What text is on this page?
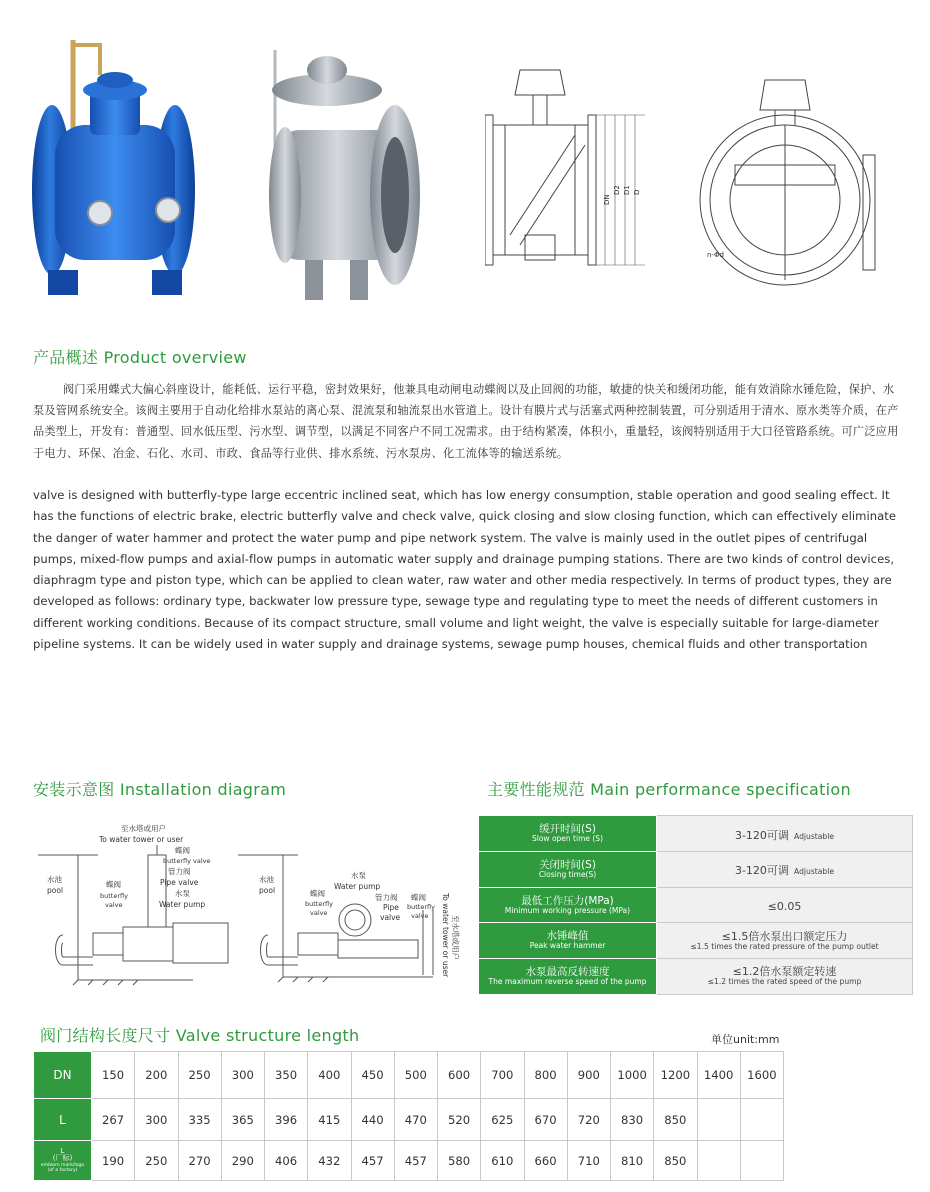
DN
D2 D1 D
n-Φd
产品概述 Product overview

阀门采用蝶式大偏心斜座设计，能耗低、运行平稳，密封效果好，他兼具电动闸电动蝶阀以及止回阀的功能，敏捷的快关和缓闭功能，能有效消除水锤危险，保护、水泵及管网系统安全。该阀主要用于自动化给排水泵站的离心泵、混流泵和轴流泵出水管道上。设计有膜片式与活塞式两种控制装置，可分别适用于清水、原水类等介质，在产品类型上，开发有：普通型、回水低压型、污水型、调节型，以满足不同客户不同工况需求。由于结构紧凑，体积小，重量轻，该阀特别适用于大口径管路系统。可广泛应用于电力、环保、冶金、石化、水司、市政、食品等行业供、排水系统、污水泵房、化工流体等的输送系统。

valve is designed with butterfly-type large eccentric inclined seat, which has low energy consumption, stable operation and good sealing effect. It has the functions of electric brake, electric butterfly valve and check valve, quick closing and slow closing function, which can effectively eliminate the danger of water hammer and protect the water pump and pipe network system. The valve is mainly used in the outlet pipes of centrifugal pumps, mixed-flow pumps and axial-flow pumps in automatic water supply and drainage pumping stations. There are two kinds of control devices, diaphragm type and piston type, which can be applied to clean water, raw water and other media respectively. In terms of product types, they are developed as follows: ordinary type, backwater low pressure type, sewage type and regulating type to meet the needs of different customers in different working conditions. Because of its compact structure, small volume and light weight, the valve is especially suitable for large-diameter pipeline systems. It can be widely used in water supply and drainage systems, sewage pump houses, chemical fluids and other transportation

安装示意图 Installation diagram
至水塔或用户
To water tower or user
蝶阀
butterfly valve
管力阀
Pipe valve
水泵
Water pump
水池
pool
蝶阀
butterfly
valve
水池
pool
水泵
Water pump
蝶阀
butterfly
valve
管力阀
Pipe
valve
蝶阀
butterfly
valve To water tower or user 至水塔或用户
主要性能规范 Main performance specification
缓开时间(S)
Slow open time (S)	3-120可调 Adjustable

关闭时间(S)
Closing time(S)	3-120可调 Adjustable

最低工作压力(MPa)
Minimum working pressure (MPa)	≤0.05

水锤峰值
Peak water hammer	≤1.5倍水泵出口额定压力
≤1.5 times the rated pressure of the pump outlet

水泵最高反转速度
The maximum reverse speed of the pump	≤1.2倍水泵额定转速
≤1.2 times the rated speed of the pump
阀门结构长度尺寸 Valve structure length	单位unit:mm
DN	150	200	250	300	350	400	450	500	600	700	800	900	1000	1200	1400	1600
L	267	300	335	365	396	415	440	470	520	625	670	720	830	850		

L
(厂标)
emblem mark/logo
(of a factory)	190	250	270	290	406	432	457	457	580	610	660	710	810	850		
